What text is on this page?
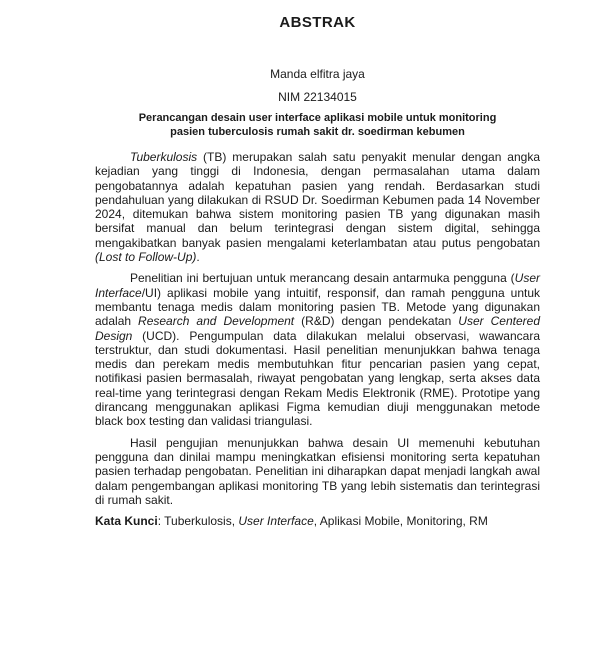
ABSTRAK

Manda elfitra jaya

NIM 22134015

Perancangan desain user interface aplikasi mobile untuk monitoring pasien tuberculosis rumah sakit dr. soedirman kebumen

Tuberkulosis (TB) merupakan salah satu penyakit menular dengan angka kejadian yang tinggi di Indonesia, dengan permasalahan utama dalam pengobatannya adalah kepatuhan pasien yang rendah. Berdasarkan studi pendahuluan yang dilakukan di RSUD Dr. Soedirman Kebumen pada 14 November 2024, ditemukan bahwa sistem monitoring pasien TB yang digunakan masih bersifat manual dan belum terintegrasi dengan sistem digital, sehingga mengakibatkan banyak pasien mengalami keterlambatan atau putus pengobatan (Lost to Follow-Up).

Penelitian ini bertujuan untuk merancang desain antarmuka pengguna (User Interface/UI) aplikasi mobile yang intuitif, responsif, dan ramah pengguna untuk membantu tenaga medis dalam monitoring pasien TB. Metode yang digunakan adalah Research and Development (R&D) dengan pendekatan User Centered Design (UCD). Pengumpulan data dilakukan melalui observasi, wawancara terstruktur, dan studi dokumentasi. Hasil penelitian menunjukkan bahwa tenaga medis dan perekam medis membutuhkan fitur pencarian pasien yang cepat, notifikasi pasien bermasalah, riwayat pengobatan yang lengkap, serta akses data real-time yang terintegrasi dengan Rekam Medis Elektronik (RME). Prototipe yang dirancang menggunakan aplikasi Figma kemudian diuji menggunakan metode black box testing dan validasi triangulasi.

Hasil pengujian menunjukkan bahwa desain UI memenuhi kebutuhan pengguna dan dinilai mampu meningkatkan efisiensi monitoring serta kepatuhan pasien terhadap pengobatan. Penelitian ini diharapkan dapat menjadi langkah awal dalam pengembangan aplikasi monitoring TB yang lebih sistematis dan terintegrasi di rumah sakit.

Kata Kunci: Tuberkulosis, User Interface, Aplikasi Mobile, Monitoring, RM
